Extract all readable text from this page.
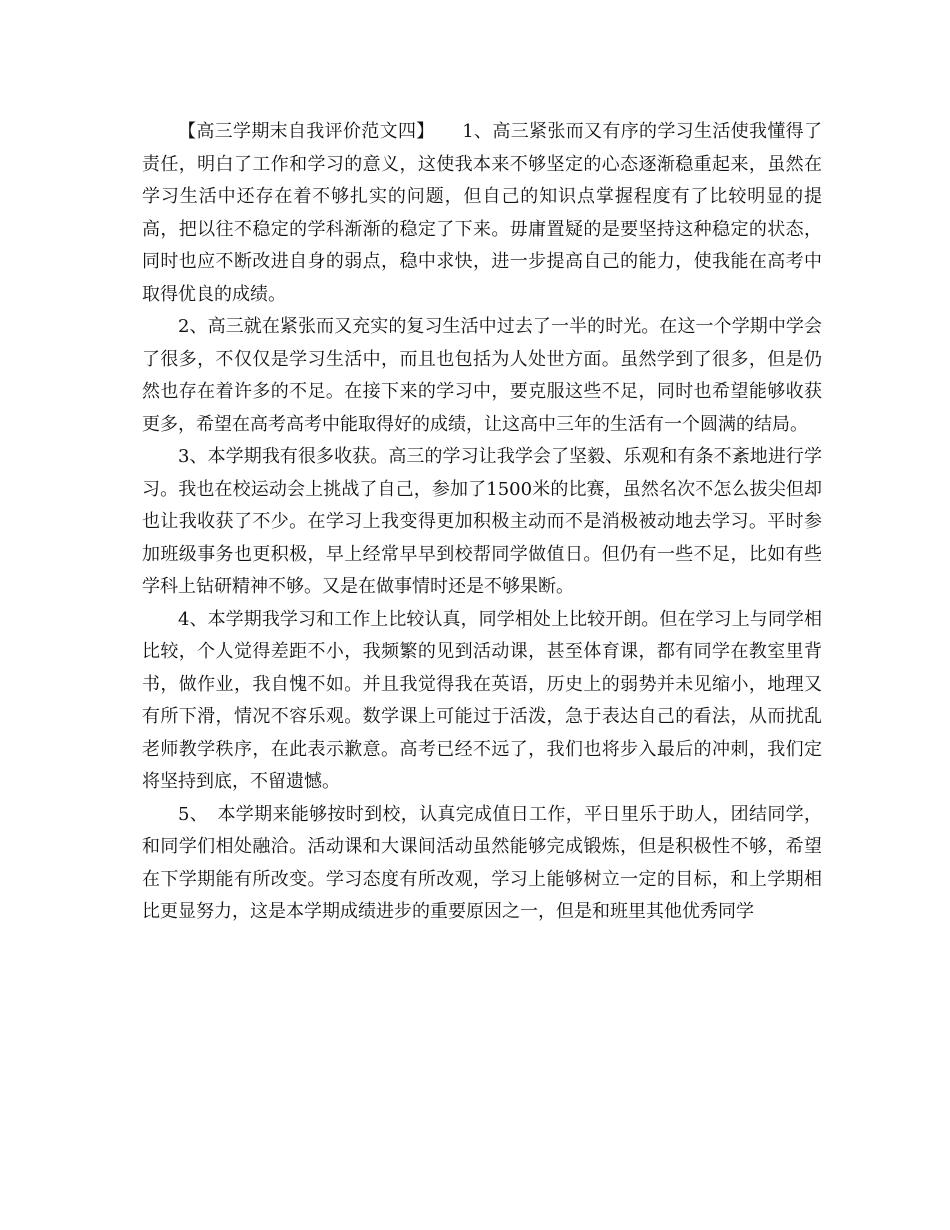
【高三学期末自我评价范文四】　　1、高三紧张而又有序的学习生活使我懂得了责任，明白了工作和学习的意义，这使我本来不够坚定的心态逐渐稳重起来，虽然在学习生活中还存在着不够扎实的问题，但自己的知识点掌握程度有了比较明显的提高，把以往不稳定的学科渐渐的稳定了下来。毋庸置疑的是要坚持这种稳定的状态，同时也应不断改进自身的弱点，稳中求快，进一步提高自己的能力，使我能在高考中取得优良的成绩。

2、高三就在紧张而又充实的复习生活中过去了一半的时光。在这一个学期中学会了很多，不仅仅是学习生活中，而且也包括为人处世方面。虽然学到了很多，但是仍然也存在着许多的不足。在接下来的学习中，要克服这些不足，同时也希望能够收获更多，希望在高考高考中能取得好的成绩，让这高中三年的生活有一个圆满的结局。

3、本学期我有很多收获。高三的学习让我学会了坚毅、乐观和有条不紊地进行学习。我也在校运动会上挑战了自己，参加了1500米的比赛，虽然名次不怎么拔尖但却也让我收获了不少。在学习上我变得更加积极主动而不是消极被动地去学习。平时参加班级事务也更积极，早上经常早早到校帮同学做值日。但仍有一些不足，比如有些学科上钻研精神不够。又是在做事情时还是不够果断。

4、本学期我学习和工作上比较认真，同学相处上比较开朗。但在学习上与同学相比较，个人觉得差距不小，我频繁的见到活动课，甚至体育课，都有同学在教室里背书，做作业，我自愧不如。并且我觉得我在英语，历史上的弱势并未见缩小，地理又有所下滑，情况不容乐观。数学课上可能过于活泼，急于表达自己的看法，从而扰乱老师教学秩序，在此表示歉意。高考已经不远了，我们也将步入最后的冲刺，我们定将坚持到底，不留遗憾。

5、　本学期来能够按时到校，认真完成值日工作，平日里乐于助人，团结同学，和同学们相处融洽。活动课和大课间活动虽然能够完成锻炼，但是积极性不够，希望在下学期能有所改变。学习态度有所改观，学习上能够树立一定的目标，和上学期相比更显努力，这是本学期成绩进步的重要原因之一，但是和班里其他优秀同学
